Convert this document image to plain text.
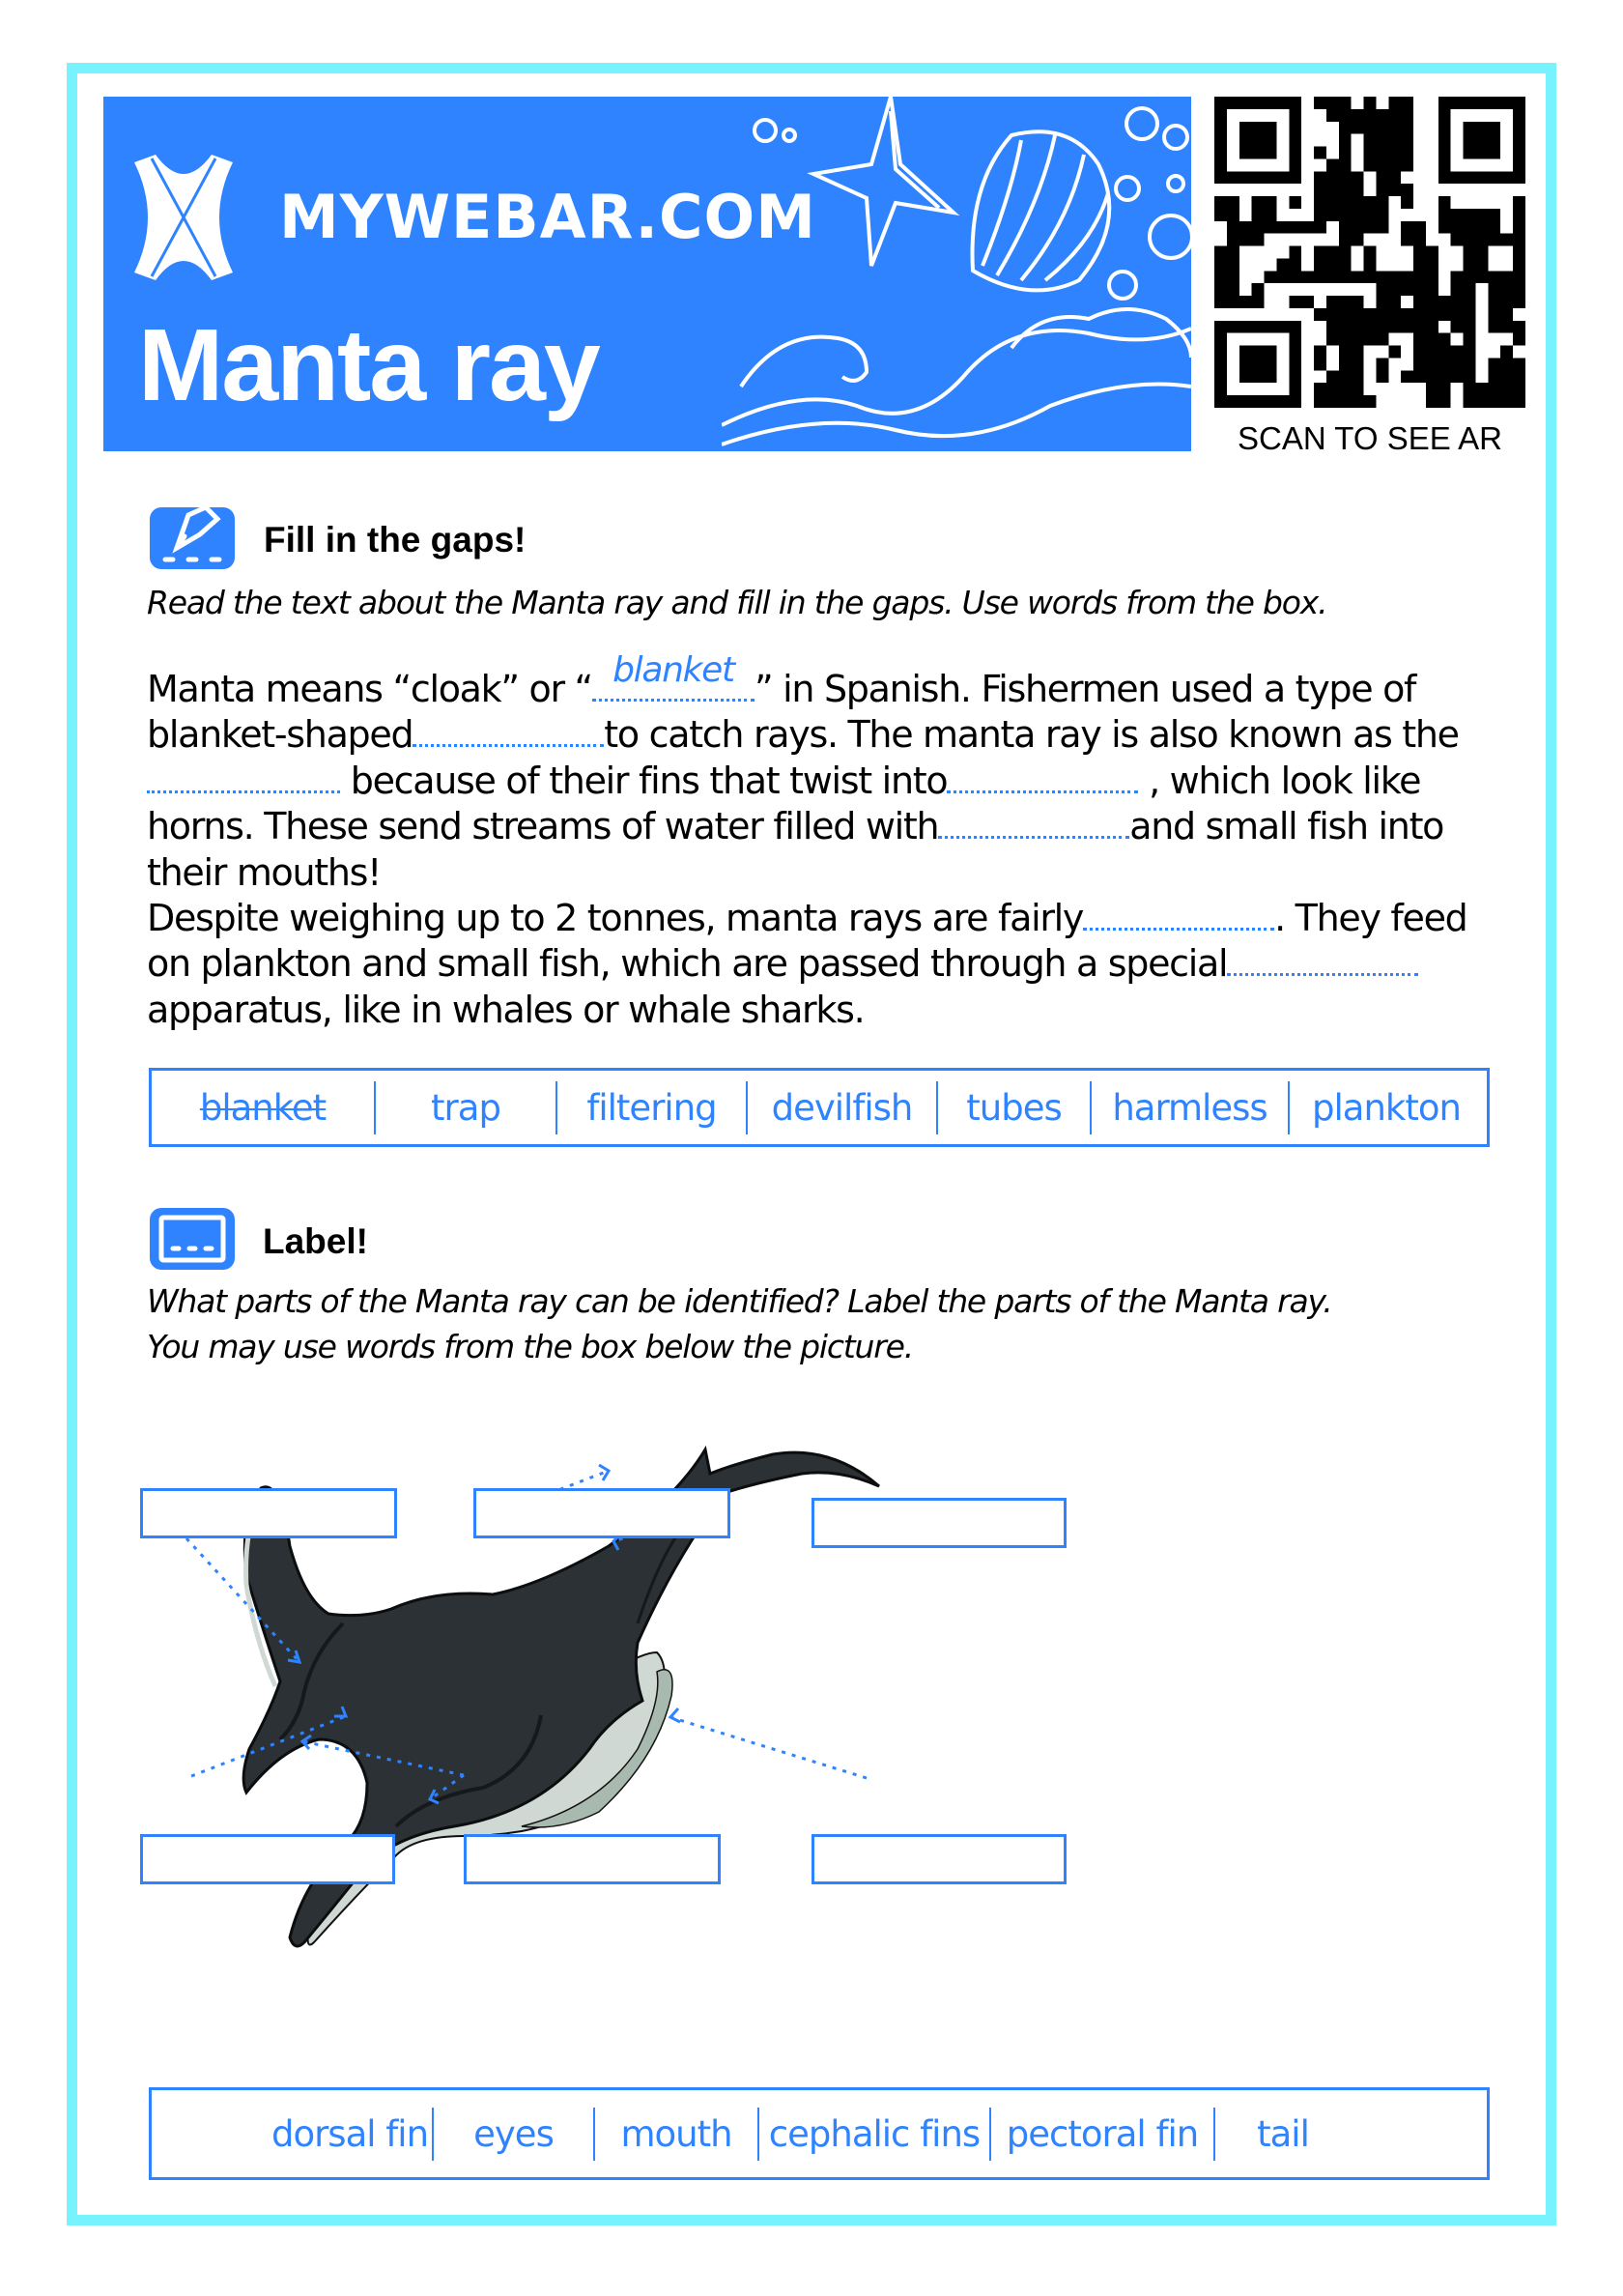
MYWEBAR.COM
Manta ray
SCAN TO SEE AR
Fill in the gaps!
Read the text about the Manta ray and fill in the gaps. Use words from the box.
Manta means “cloak” or “ blanket ” in Spanish. Fishermen used a type of
blanket-shaped	to catch rays. The manta ray is also known as the
because of their fins that twist into	, which look like
horns. These send streams of water filled with	and small fish into
their mouths!
Despite weighing up to 2 tonnes, manta rays are fairly	. They feed
on plankton and small fish, which are passed through a special
apparatus, like in whales or whale sharks.
blanket	trap	filtering	devilfish	tubes	harmless	plankton
Label!
What parts of the Manta ray can be identified? Label the parts of the Manta ray.
You may use words from the box below the picture.
dorsal fin	eyes	mouth	cephalic fins pectoral fin	tail
